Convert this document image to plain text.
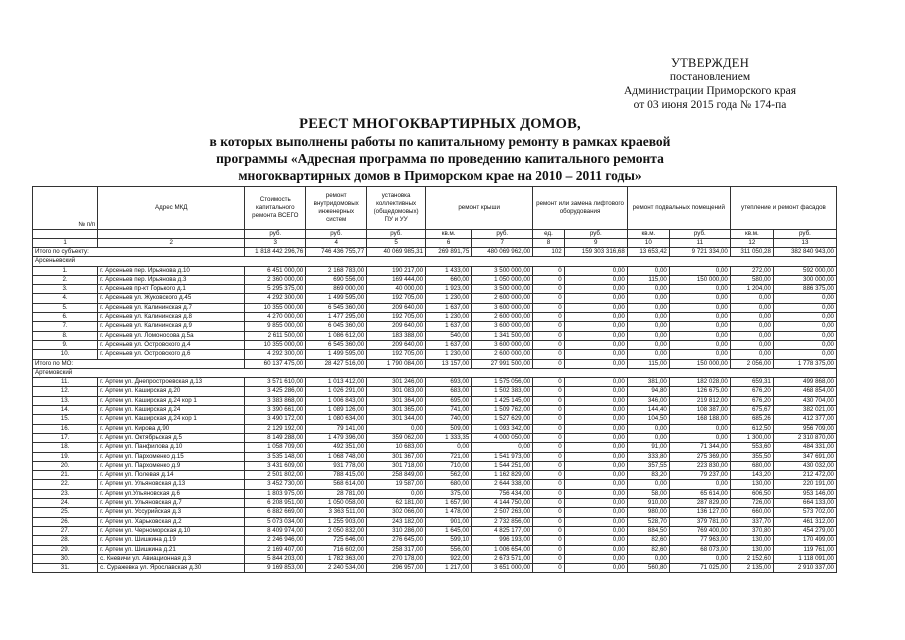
УТВЕРЖДЕН
постановлением
Администрации Приморского края
от 03 июня 2015 года № 174-па
РЕЕСТ МНОГОКВАРТИРНЫХ ДОМОВ,
в которых выполнены работы по капитальному ремонту в рамках краевой
программы «Адресная программа по проведению капитального ремонта
многоквартирных домов в Приморском крае на 2010 – 2011 годы»
№ п/п	Адрес МКД	Стоимость капитального ремонта ВСЕГО	ремонт внутридомовых инженерных систем	установка коллективных (общедомовых) ПУ и УУ	ремонт крыши		ремонт или замена лифтового оборудования		ремонт подвальных помещений		утепление и ремонт фасадов	
		руб.	руб.	руб.	кв.м.	руб.	ед.	руб.	кв.м.	руб.	кв.м.	руб.
1	2	3	4	5	6	7	8	9	10	11	12	13
Итого по субъекту:		1 818 442 296,76	746 436 755,77	40 069 985,31	269 891,75	480 069 962,00	102	159 303 316,68	13 653,42	9 721 334,00	311 050,28	382 840 943,00
Арсеньевский												
1.	г. Арсеньев пер. Ирьянова д.10	6 451 000,00	2 168 783,00	190 217,00	1 433,00	3 500 000,00	0	0,00	0,00	0,00	272,00	592 000,00
2.	г. Арсеньев пер. Ирьянова д.3	2 360 000,00	690 556,00	169 444,00	660,00	1 050 000,00	0	0,00	115,00	150 000,00	580,00	300 000,00
3.	г. Арсеньев пр-кт Горького д.1	5 295 375,00	869 000,00	40 000,00	1 923,00	3 500 000,00	0	0,00	0,00	0,00	1 204,00	886 375,00
4.	г. Арсеньев ул. Жуковского д.45	4 292 300,00	1 499 595,00	192 705,00	1 230,00	2 600 000,00	0	0,00	0,00	0,00	0,00	0,00
5.	г. Арсеньев ул. Калининская д.7	10 355 000,00	6 545 360,00	209 640,00	1 637,00	3 600 000,00	0	0,00	0,00	0,00	0,00	0,00
6.	г. Арсеньев ул. Калининская д.8	4 270 000,00	1 477 295,00	192 705,00	1 230,00	2 600 000,00	0	0,00	0,00	0,00	0,00	0,00
7.	г. Арсеньев ул. Калининская д.9	9 855 000,00	6 045 360,00	209 640,00	1 637,00	3 600 000,00	0	0,00	0,00	0,00	0,00	0,00
8.	г. Арсеньев ул. Ломоносова д.5а	2 611 500,00	1 086 612,00	183 388,00	540,00	1 341 500,00	0	0,00	0,00	0,00	0,00	0,00
9.	г. Арсеньев ул. Островского д.4	10 355 000,00	6 545 360,00	209 640,00	1 637,00	3 600 000,00	0	0,00	0,00	0,00	0,00	0,00
10.	г. Арсеньев ул. Островского д.6	4 292 300,00	1 499 595,00	192 705,00	1 230,00	2 600 000,00	0	0,00	0,00	0,00	0,00	0,00
Итого по МО:		60 137 475,00	28 427 516,00	1 790 084,00	13 157,00	27 991 500,00	0	0,00	115,00	150 000,00	2 056,00	1 778 375,00
Артемовский												
11.	г. Артем ул. Днепростроевская д.13	3 571 610,00	1 013 412,00	301 246,00	693,00	1 575 056,00	0	0,00	381,00	182 028,00	659,31	499 868,00
12.	г. Артем ул. Каширская д.20	3 425 286,00	1 026 291,00	301 083,00	683,00	1 502 383,00	0	0,00	94,80	126 675,00	676,20	468 854,00
13.	г. Артем ул. Каширская д.24 кор 1	3 383 868,00	1 006 843,00	301 364,00	695,00	1 425 145,00	0	0,00	346,00	219 812,00	676,20	430 704,00
14.	г. Артем ул. Каширская д.24	3 390 661,00	1 089 126,00	301 365,00	741,00	1 509 762,00	0	0,00	144,40	108 387,00	675,67	382 021,00
15.	г. Артем ул. Каширская д.24 кор 1	3 490 172,00	1 080 634,00	301 344,00	740,00	1 527 629,00	0	0,00	104,50	168 188,00	685,26	412 377,00
16.	г. Артем ул. Кирова д.90	2 129 192,00	79 141,00	0,00	509,00	1 093 342,00	0	0,00	0,00	0,00	612,50	956 709,00
17.	г. Артем ул. Октябрьская д.5	8 149 288,00	1 479 396,00	359 062,00	1 333,35	4 000 050,00	0	0,00	0,00	0,00	1 300,00	2 310 870,00
18.	г. Артем ул. Панфилова д.10	1 058 709,00	492 351,00	10 683,00	0,00	0,00	0	0,00	91,00	71 344,00	553,60	484 331,00
19.	г. Артем ул. Пархоменко д.15	3 535 148,00	1 068 748,00	301 367,00	721,00	1 541 973,00	0	0,00	333,80	275 369,00	355,50	347 691,00
20.	г. Артем ул. Пархоменко д.9	3 431 609,00	931 778,00	301 718,00	710,00	1 544 251,00	0	0,00	357,55	223 830,00	680,00	430 032,00
21.	г. Артем ул. Полевая д.14	2 501 802,00	788 415,00	258 849,00	562,00	1 162 829,00	0	0,00	83,20	79 237,00	143,20	212 472,00
22.	г. Артем ул. Ульяновская д.13	3 452 730,00	568 614,00	19 587,00	680,00	2 644 338,00	0	0,00	0,00	0,00	130,00	220 191,00
23.	г. Артем ул.Ульяновская д.6	1 803 975,00	28 781,00	0,00	375,00	756 434,00	0	0,00	58,00	65 614,00	606,50	953 146,00
24.	г. Артем ул. Ульяновская д.7	6 208 951,00	1 050 058,00	62 181,00	1 657,90	4 144 750,00	0	0,00	910,00	287 829,00	726,00	664 133,00
25.	г. Артем ул. Уссурийская д.3	6 882 669,00	3 363 511,00	302 066,00	1 478,00	2 507 263,00	0	0,00	980,00	136 127,00	660,00	573 702,00
26.	г. Артем ул. Харьковская д.2	5 073 034,00	1 255 903,00	243 182,00	901,00	2 732 856,00	0	0,00	528,70	379 781,00	337,70	461 312,00
27.	г. Артем ул. Черноморская д.10	8 409 974,00	2 050 832,00	310 286,00	1 645,00	4 825 177,00	0	0,00	884,50	769 400,00	370,80	454 279,00
28.	г. Артем ул. Шишкина д.19	2 246 946,00	725 646,00	276 645,00	599,10	996 193,00	0	0,00	82,60	77 963,00	130,00	170 499,00
29.	г. Артем ул. Шишкина д.21	2 169 407,00	716 602,00	258 317,00	556,00	1 006 654,00	0	0,00	82,60	68 073,00	130,00	119 761,00
30.	с. Кневичи ул. Авиационная д.3	5 844 203,00	1 782 363,00	270 178,00	922,00	2 673 571,00	0	0,00	0,00	0,00	2 152,60	1 118 091,00
31.	с. Суражевка ул. Ярославская д.30	9 169 853,00	2 240 534,00	296 957,00	1 217,00	3 651 000,00	0	0,00	560,80	71 025,00	2 135,00	2 910 337,00
